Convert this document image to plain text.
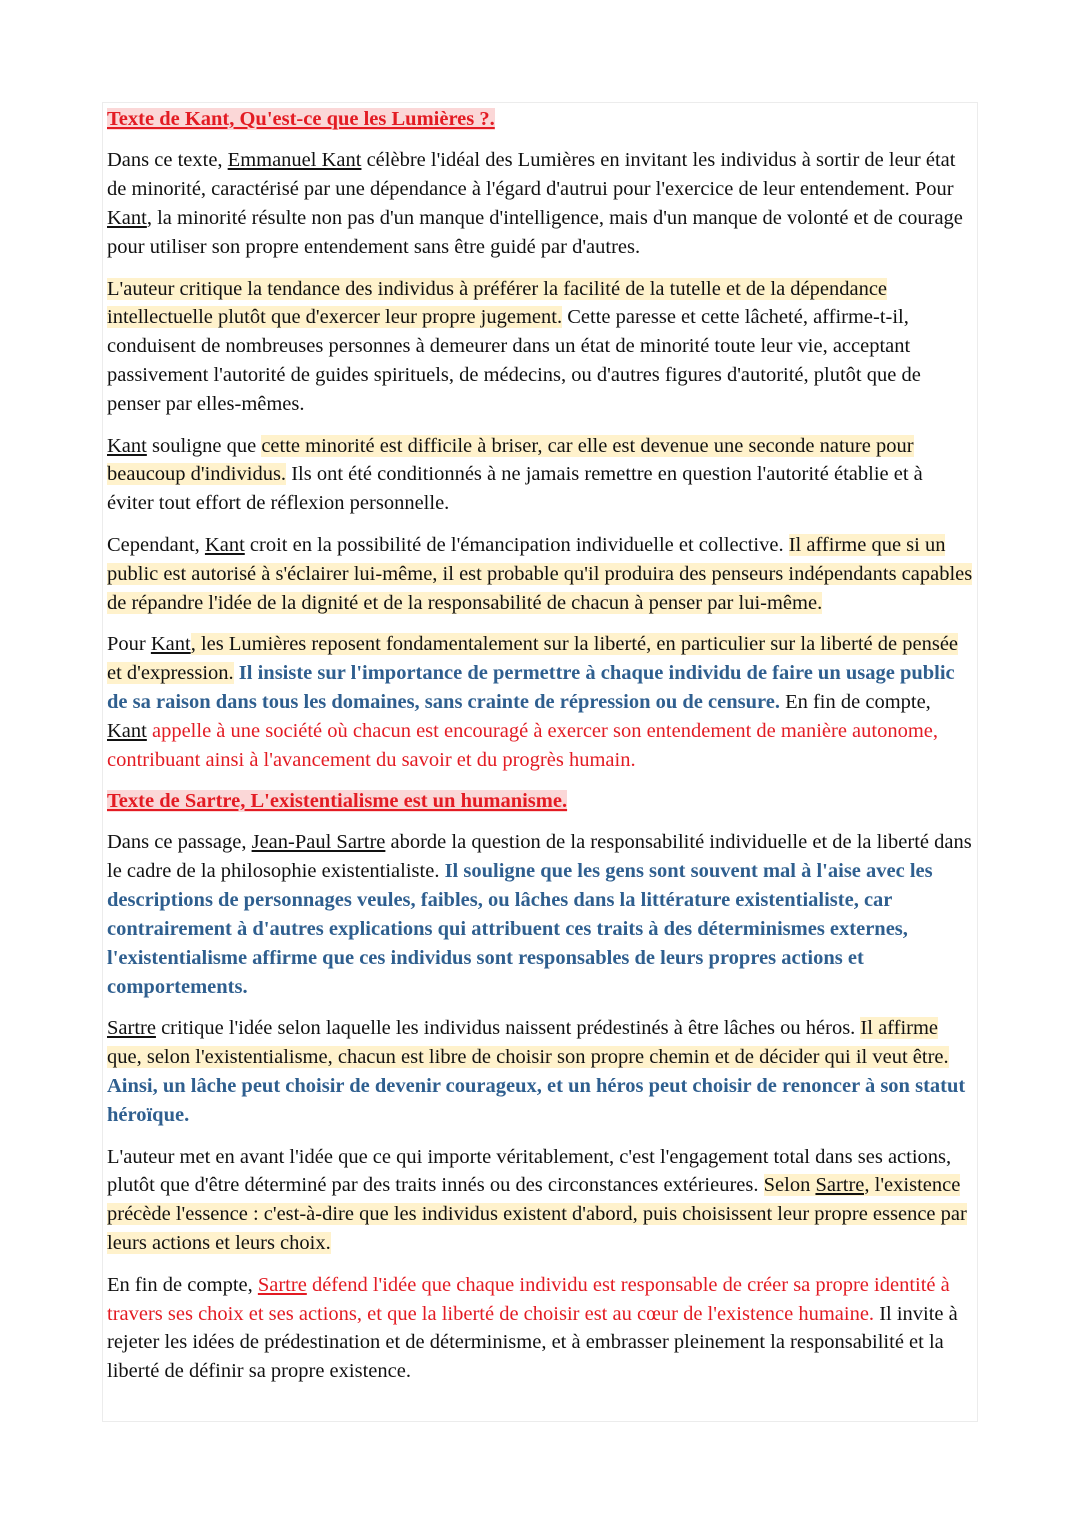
Texte de Kant, Qu'est-ce que les Lumières ?.

Dans ce texte, Emmanuel Kant célèbre l'idéal des Lumières en invitant les individus à sortir de leur état de minorité, caractérisé par une dépendance à l'égard d'autrui pour l'exercice de leur entendement. Pour Kant, la minorité résulte non pas d'un manque d'intelligence, mais d'un manque de volonté et de courage pour utiliser son propre entendement sans être guidé par d'autres.

L'auteur critique la tendance des individus à préférer la facilité de la tutelle et de la dépendance intellectuelle plutôt que d'exercer leur propre jugement. Cette paresse et cette lâcheté, affirme-t-il, conduisent de nombreuses personnes à demeurer dans un état de minorité toute leur vie, acceptant passivement l'autorité de guides spirituels, de médecins, ou d'autres figures d'autorité, plutôt que de penser par elles-mêmes.

Kant souligne que cette minorité est difficile à briser, car elle est devenue une seconde nature pour beaucoup d'individus. Ils ont été conditionnés à ne jamais remettre en question l'autorité établie et à éviter tout effort de réflexion personnelle.

Cependant, Kant croit en la possibilité de l'émancipation individuelle et collective. Il affirme que si un public est autorisé à s'éclairer lui-même, il est probable qu'il produira des penseurs indépendants capables de répandre l'idée de la dignité et de la responsabilité de chacun à penser par lui-même.

Pour Kant, les Lumières reposent fondamentalement sur la liberté, en particulier sur la liberté de pensée et d'expression. Il insiste sur l'importance de permettre à chaque individu de faire un usage public de sa raison dans tous les domaines, sans crainte de répression ou de censure. En fin de compte, Kant appelle à une société où chacun est encouragé à exercer son entendement de manière autonome, contribuant ainsi à l'avancement du savoir et du progrès humain.

Texte de Sartre, L'existentialisme est un humanisme.

Dans ce passage, Jean-Paul Sartre aborde la question de la responsabilité individuelle et de la liberté dans le cadre de la philosophie existentialiste. Il souligne que les gens sont souvent mal à l'aise avec les descriptions de personnages veules, faibles, ou lâches dans la littérature existentialiste, car contrairement à d'autres explications qui attribuent ces traits à des déterminismes externes, l'existentialisme affirme que ces individus sont responsables de leurs propres actions et comportements.

Sartre critique l'idée selon laquelle les individus naissent prédestinés à être lâches ou héros. Il affirme que, selon l'existentialisme, chacun est libre de choisir son propre chemin et de décider qui il veut être. Ainsi, un lâche peut choisir de devenir courageux, et un héros peut choisir de renoncer à son statut héroïque.

L'auteur met en avant l'idée que ce qui importe véritablement, c'est l'engagement total dans ses actions, plutôt que d'être déterminé par des traits innés ou des circonstances extérieures. Selon Sartre, l'existence précède l'essence : c'est-à-dire que les individus existent d'abord, puis choisissent leur propre essence par leurs actions et leurs choix.

En fin de compte, Sartre défend l'idée que chaque individu est responsable de créer sa propre identité à travers ses choix et ses actions, et que la liberté de choisir est au cœur de l'existence humaine. Il invite à rejeter les idées de prédestination et de déterminisme, et à embrasser pleinement la responsabilité et la liberté de définir sa propre existence.
